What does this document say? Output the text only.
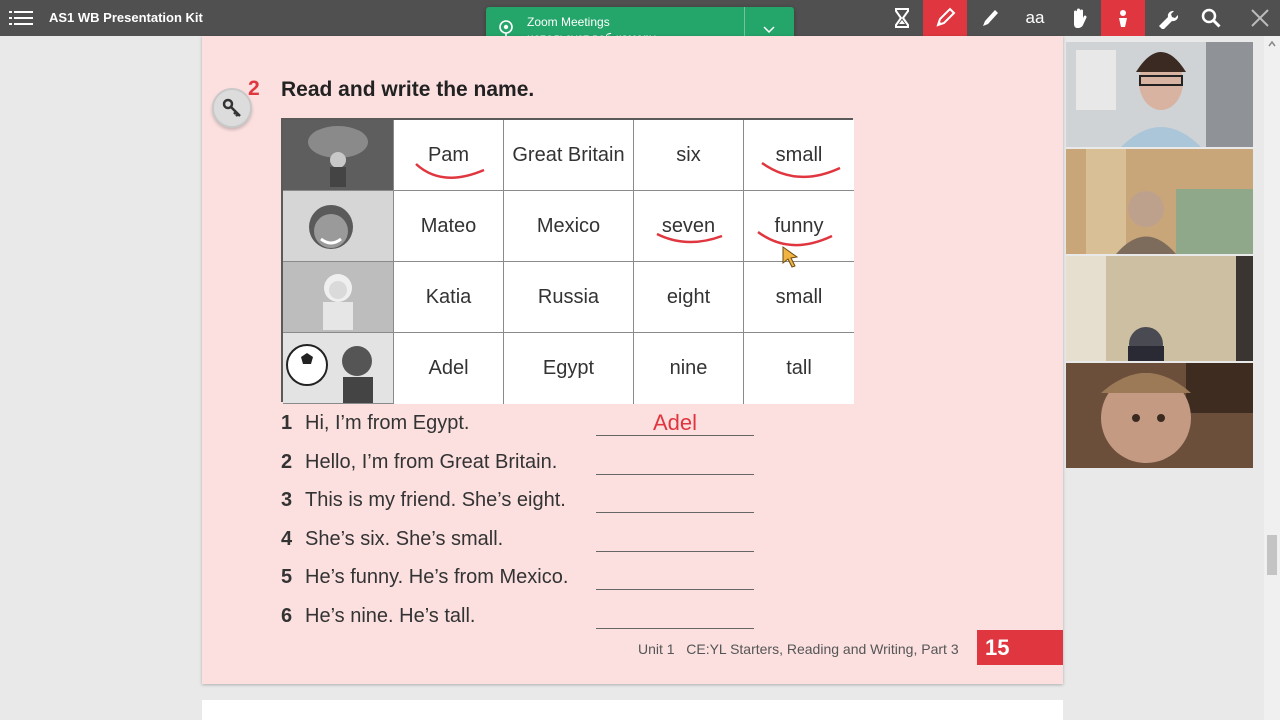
AS1 WB Presentation Kit	aa
Zoom Meetings
2 Read and write the name.
Pam	Great Britain	six	small
Mateo	Mexico	seven	funny
Katia	Russia	eight	small
Adel	Egypt	nine	tall
1 Hi, I’m from Egypt.	Adel
2 Hello, I’m from Great Britain.
3 This is my friend. She’s eight.
4 She’s six. She’s small.
5 He’s funny. He’s from Mexico.
6 He’s nine. He’s tall.
Unit 1 CE:YL Starters, Reading and Writing, Part 3	15
